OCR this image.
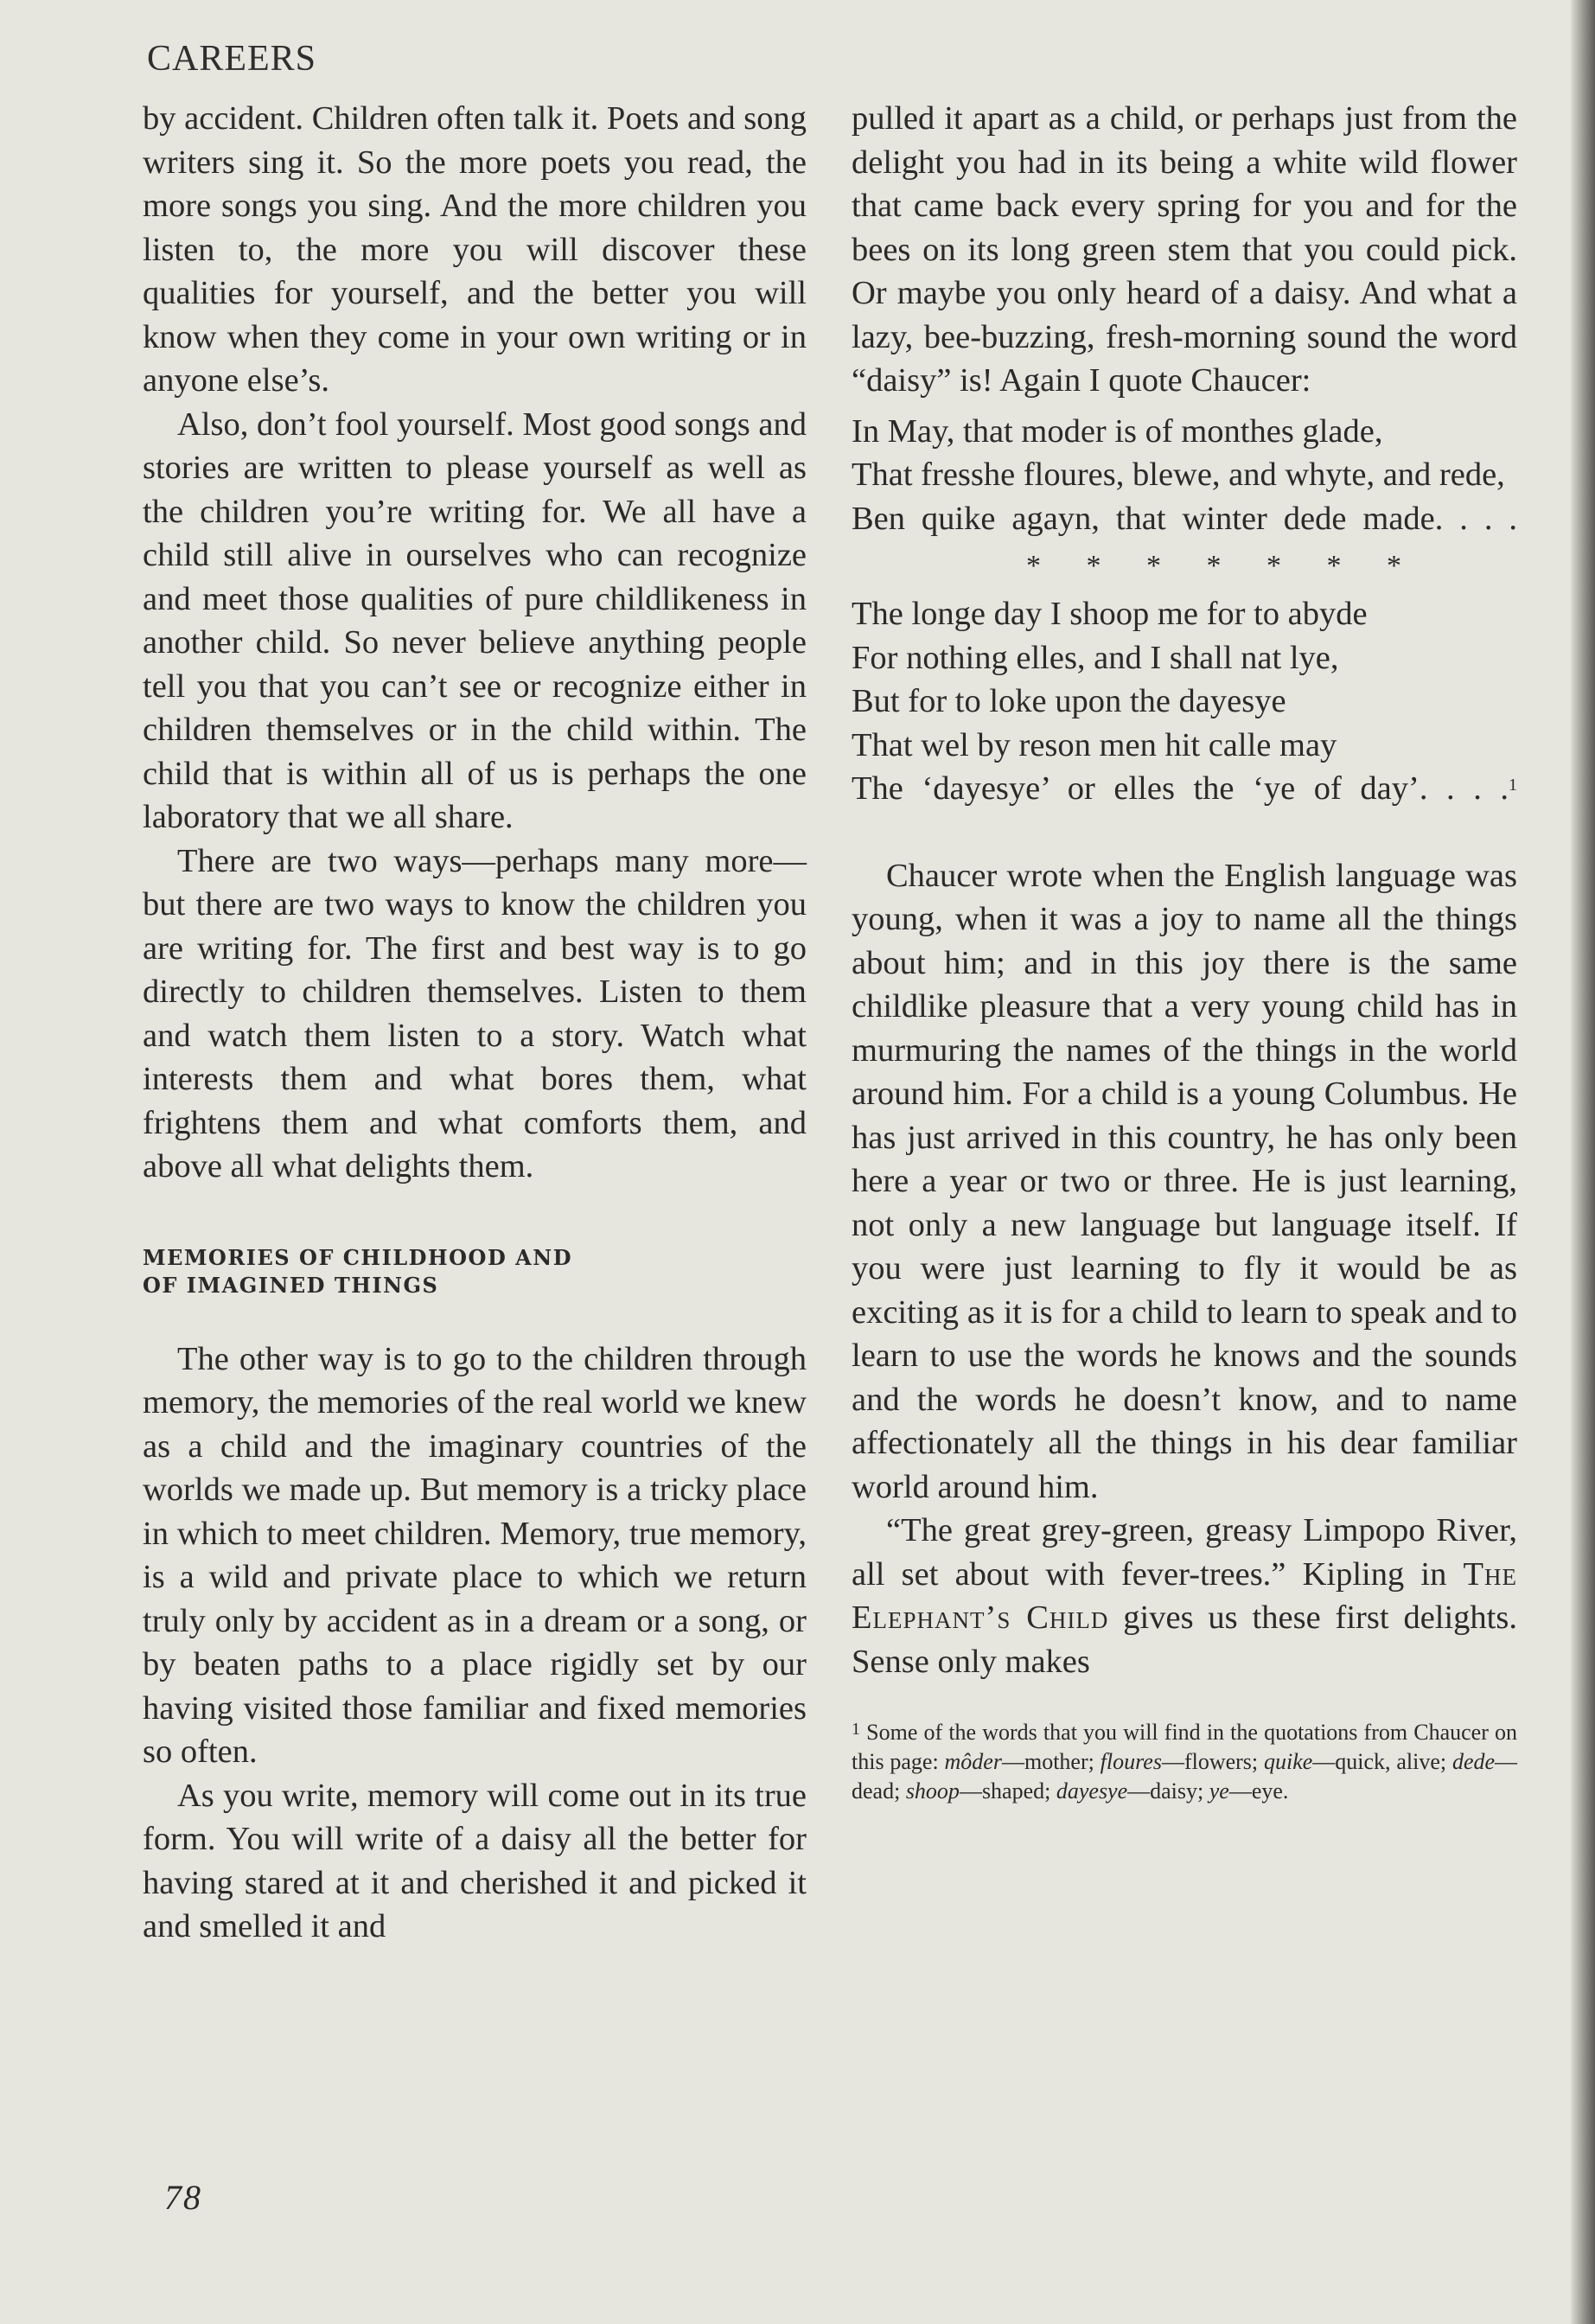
CAREERS

by accident. Children often talk it. Poets and song writers sing it. So the more poets you read, the more songs you sing. And the more children you listen to, the more you will discover these qualities for yourself, and the better you will know when they come in your own writing or in anyone else’s.

Also, don’t fool yourself. Most good songs and stories are written to please yourself as well as the children you’re writing for. We all have a child still alive in ourselves who can recognize and meet those qualities of pure childlikeness in another child. So never believe anything people tell you that you can’t see or recognize either in children themselves or in the child within. The child that is within all of us is perhaps the one laboratory that we all share.

There are two ways—perhaps many more—but there are two ways to know the children you are writing for. The first and best way is to go directly to children themselves. Listen to them and watch them listen to a story. Watch what interests them and what bores them, what frightens them and what comforts them, and above all what delights them.

MEMORIES OF CHILDHOOD AND
OF IMAGINED THINGS

The other way is to go to the children through memory, the memories of the real world we knew as a child and the imaginary countries of the worlds we made up. But memory is a tricky place in which to meet children. Memory, true memory, is a wild and private place to which we return truly only by accident as in a dream or a song, or by beaten paths to a place rigidly set by our having visited those familiar and fixed memories so often.

As you write, memory will come out in its true form. You will write of a daisy all the better for having stared at it and cherished it and picked it and smelled it and

pulled it apart as a child, or perhaps just from the delight you had in its being a white wild flower that came back every spring for you and for the bees on its long green stem that you could pick. Or maybe you only heard of a daisy. And what a lazy, bee-buzzing, fresh-morning sound the word “daisy” is! Again I quote Chaucer:

In May, that moder is of monthes glade,
That fresshe floures, blewe, and whyte, and rede,
Ben quike agayn, that winter dede made. . . .
* * * * * * *
The longe day I shoop me for to abyde
For nothing elles, and I shall nat lye,
But for to loke upon the dayesye
That wel by reson men hit calle may
The ‘dayesye’ or elles the ‘ye of day’. . . .$^1$

Chaucer wrote when the English language was young, when it was a joy to name all the things about him; and in this joy there is the same childlike pleasure that a very young child has in murmuring the names of the things in the world around him. For a child is a young Columbus. He has just arrived in this country, he has only been here a year or two or three. He is just learning, not only a new language but language itself. If you were just learning to fly it would be as exciting as it is for a child to learn to speak and to learn to use the words he knows and the sounds and the words he doesn’t know, and to name affectionately all the things in his dear familiar world around him.

“The great grey-green, greasy Limpopo River, all set about with fever-trees.” Kipling in The Elephant’s Child gives us these first delights. Sense only makes

$^1$ Some of the words that you will find in the quotations from Chaucer on this page: môder—mother; floures—flowers; quike—quick, alive; dede—dead; shoop—shaped; dayesye—daisy; ye—eye.
78
